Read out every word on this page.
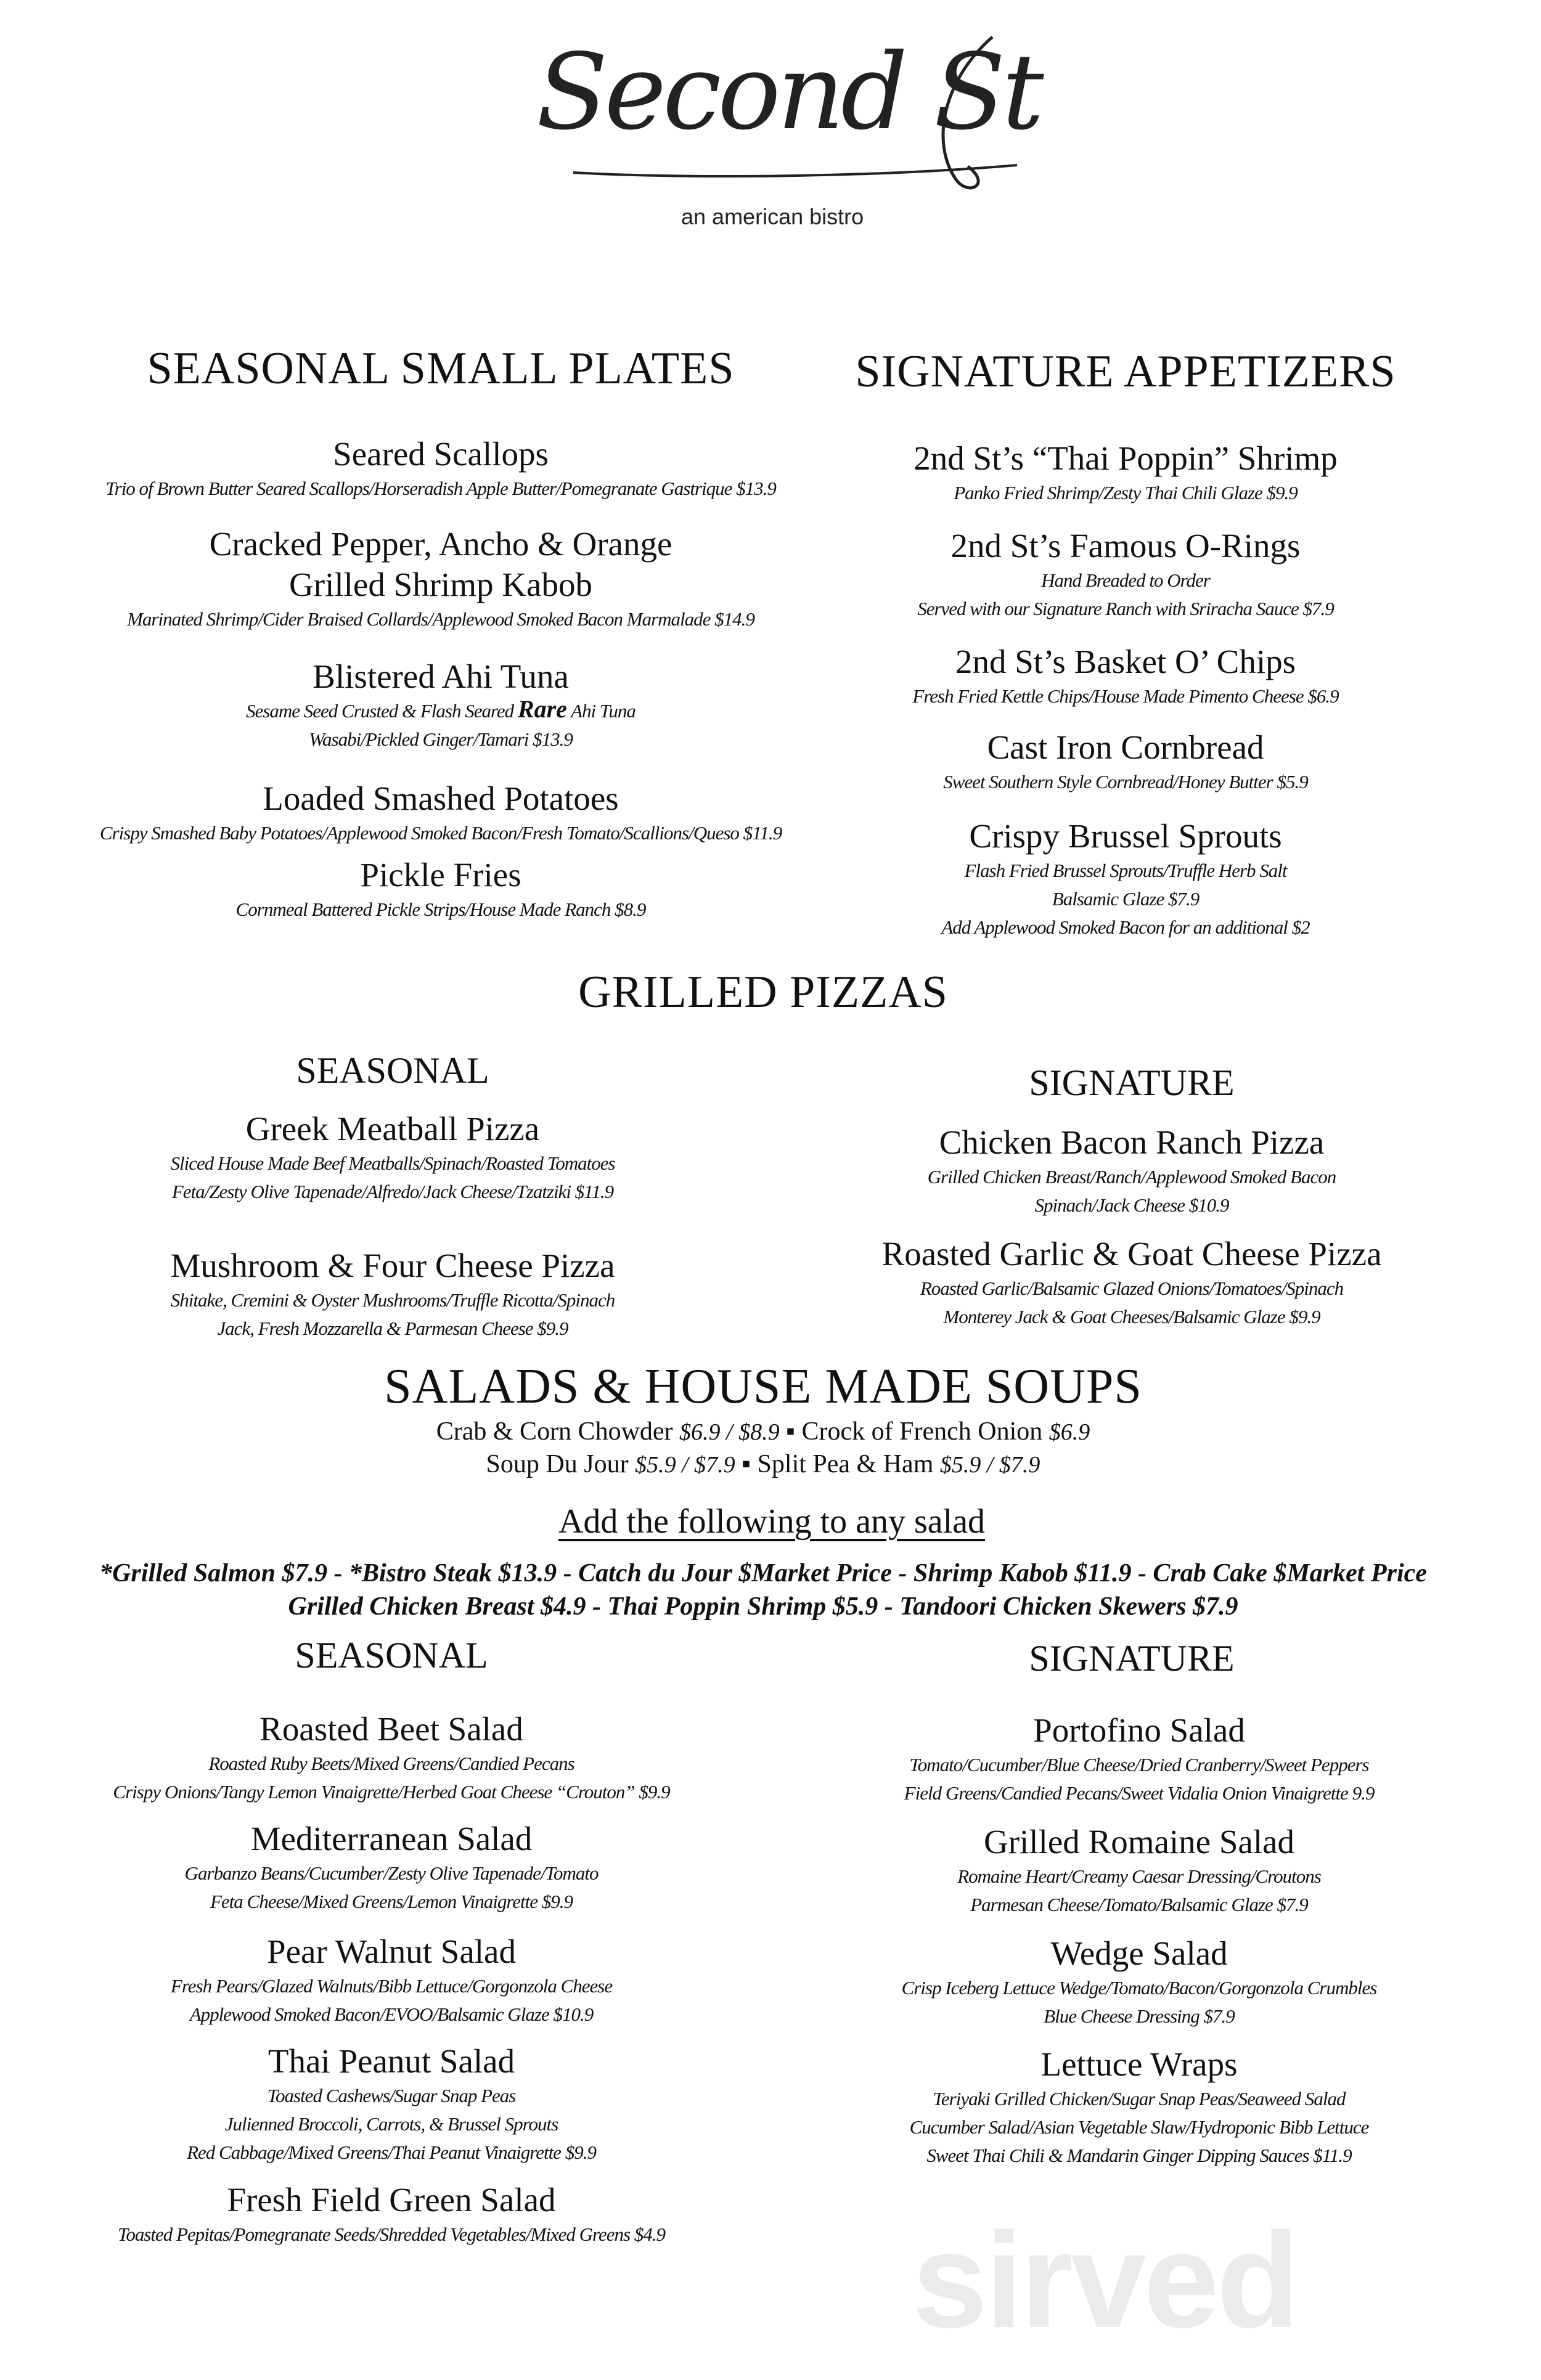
Second St
an american bistro
SEASONAL SMALL PLATES	SIGNATURE APPETIZERS
GRILLED PIZZAS
SEASONAL	SIGNATURE
SALADS & HOUSE MADE SOUPS
Crab & Corn Chowder $6.9 / $8.9 ▪ Crock of French Onion $6.9
Soup Du Jour $5.9 / $7.9 ▪ Split Pea & Ham $5.9 / $7.9
Add the following to any salad
*Grilled Salmon $7.9 - *Bistro Steak $13.9 - Catch du Jour $Market Price - Shrimp Kabob $11.9 - Crab Cake $Market Price
Grilled Chicken Breast $4.9 - Thai Poppin Shrimp $5.9 - Tandoori Chicken Skewers $7.9
SEASONAL	SIGNATURE
sirved
Seared Scallops
Trio of Brown Butter Seared Scallops/Horseradish Apple Butter/Pomegranate Gastrique $13.9
Cracked Pepper, Ancho & Orange
Grilled Shrimp Kabob
Marinated Shrimp/Cider Braised Collards/Applewood Smoked Bacon Marmalade $14.9
Blistered Ahi Tuna
Sesame Seed Crusted & Flash Seared Rare Ahi Tuna
Wasabi/Pickled Ginger/Tamari $13.9
Loaded Smashed Potatoes
Crispy Smashed Baby Potatoes/Applewood Smoked Bacon/Fresh Tomato/Scallions/Queso $11.9
Pickle Fries
Cornmeal Battered Pickle Strips/House Made Ranch $8.9
2nd St’s “Thai Poppin” Shrimp
Panko Fried Shrimp/Zesty Thai Chili Glaze $9.9
2nd St’s Famous O-Rings
Hand Breaded to Order
Served with our Signature Ranch with Sriracha Sauce $7.9
2nd St’s Basket O’ Chips
Fresh Fried Kettle Chips/House Made Pimento Cheese $6.9
Cast Iron Cornbread
Sweet Southern Style Cornbread/Honey Butter $5.9
Crispy Brussel Sprouts
Flash Fried Brussel Sprouts/Truffle Herb Salt
Balsamic Glaze $7.9
Add Applewood Smoked Bacon for an additional $2
Greek Meatball Pizza
Sliced House Made Beef Meatballs/Spinach/Roasted Tomatoes
Feta/Zesty Olive Tapenade/Alfredo/Jack Cheese/Tzatziki $11.9
Mushroom & Four Cheese Pizza
Shitake, Cremini & Oyster Mushrooms/Truffle Ricotta/Spinach
Jack, Fresh Mozzarella & Parmesan Cheese $9.9
Chicken Bacon Ranch Pizza
Grilled Chicken Breast/Ranch/Applewood Smoked Bacon
Spinach/Jack Cheese $10.9
Roasted Garlic & Goat Cheese Pizza
Roasted Garlic/Balsamic Glazed Onions/Tomatoes/Spinach
Monterey Jack & Goat Cheeses/Balsamic Glaze $9.9
Roasted Beet Salad
Roasted Ruby Beets/Mixed Greens/Candied Pecans
Crispy Onions/Tangy Lemon Vinaigrette/Herbed Goat Cheese “Crouton” $9.9
Mediterranean Salad
Garbanzo Beans/Cucumber/Zesty Olive Tapenade/Tomato
Feta Cheese/Mixed Greens/Lemon Vinaigrette $9.9
Pear Walnut Salad
Fresh Pears/Glazed Walnuts/Bibb Lettuce/Gorgonzola Cheese
Applewood Smoked Bacon/EVOO/Balsamic Glaze $10.9
Thai Peanut Salad
Toasted Cashews/Sugar Snap Peas
Julienned Broccoli, Carrots, & Brussel Sprouts
Red Cabbage/Mixed Greens/Thai Peanut Vinaigrette $9.9
Fresh Field Green Salad
Toasted Pepitas/Pomegranate Seeds/Shredded Vegetables/Mixed Greens $4.9
Portofino Salad
Tomato/Cucumber/Blue Cheese/Dried Cranberry/Sweet Peppers
Field Greens/Candied Pecans/Sweet Vidalia Onion Vinaigrette 9.9
Grilled Romaine Salad
Romaine Heart/Creamy Caesar Dressing/Croutons
Parmesan Cheese/Tomato/Balsamic Glaze $7.9
Wedge Salad
Crisp Iceberg Lettuce Wedge/Tomato/Bacon/Gorgonzola Crumbles
Blue Cheese Dressing $7.9
Lettuce Wraps
Teriyaki Grilled Chicken/Sugar Snap Peas/Seaweed Salad
Cucumber Salad/Asian Vegetable Slaw/Hydroponic Bibb Lettuce
Sweet Thai Chili & Mandarin Ginger Dipping Sauces $11.9
